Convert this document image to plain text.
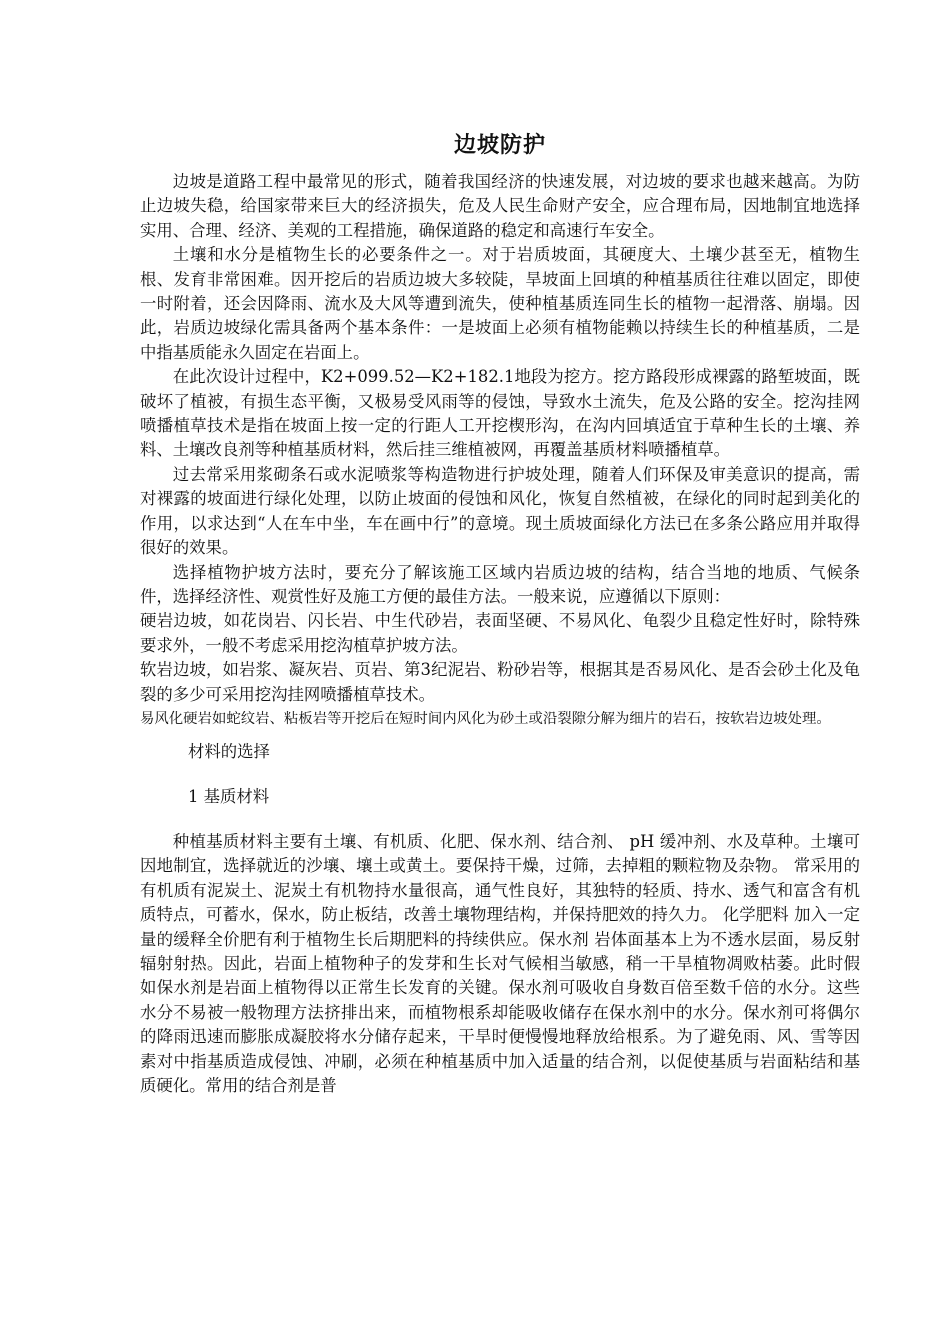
边坡防护

边坡是道路工程中最常见的形式，随着我国经济的快速发展，对边坡的要求也越来越高。为防止边坡失稳，给国家带来巨大的经济损失，危及人民生命财产安全，应合理布局，因地制宜地选择实用、合理、经济、美观的工程措施，确保道路的稳定和高速行车安全。

土壤和水分是植物生长的必要条件之一。对于岩质坡面，其硬度大、土壤少甚至无，植物生根、发育非常困难。因开挖后的岩质边坡大多较陡，旱坡面上回填的种植基质往往难以固定，即使一时附着，还会因降雨、流水及大风等遭到流失，使种植基质连同生长的植物一起滑落、崩塌。因此，岩质边坡绿化需具备两个基本条件：一是坡面上必须有植物能赖以持续生长的种植基质，二是中指基质能永久固定在岩面上。

在此次设计过程中，K2+099.52—K2+182.1地段为挖方。挖方路段形成裸露的路堑坡面，既破坏了植被，有损生态平衡，又极易受风雨等的侵蚀，导致水土流失，危及公路的安全。挖沟挂网喷播植草技术是指在坡面上按一定的行距人工开挖楔形沟，在沟内回填适宜于草种生长的土壤、养料、土壤改良剂等种植基质材料，然后挂三维植被网，再覆盖基质材料喷播植草。

过去常采用浆砌条石或水泥喷浆等构造物进行护坡处理，随着人们环保及审美意识的提高，需对裸露的坡面进行绿化处理，以防止坡面的侵蚀和风化，恢复自然植被，在绿化的同时起到美化的作用，以求达到“人在车中坐，车在画中行”的意境。现土质坡面绿化方法已在多条公路应用并取得很好的效果。

选择植物护坡方法时，要充分了解该施工区域内岩质边坡的结构，结合当地的地质、气候条件，选择经济性、观赏性好及施工方便的最佳方法。一般来说，应遵循以下原则：

硬岩边坡，如花岗岩、闪长岩、中生代砂岩，表面坚硬、不易风化、龟裂少且稳定性好时，除特殊要求外，一般不考虑采用挖沟植草护坡方法。

软岩边坡，如岩浆、凝灰岩、页岩、第3纪泥岩、粉砂岩等，根据其是否易风化、是否会砂土化及龟裂的多少可采用挖沟挂网喷播植草技术。

易风化硬岩如蛇纹岩、粘板岩等开挖后在短时间内风化为砂土或沿裂隙分解为细片的岩石，按软岩边坡处理。

材料的选择

1 基质材料

种植基质材料主要有土壤、有机质、化肥、保水剂、结合剂、 pH 缓冲剂、水及草种。土壤可因地制宜，选择就近的沙壤、壤土或黄土。要保持干燥，过筛，去掉粗的颗粒物及杂物。 常采用的有机质有泥炭土、泥炭土有机物持水量很高，通气性良好，其独特的轻质、持水、透气和富含有机质特点，可蓄水，保水，防止板结，改善土壤物理结构，并保持肥效的持久力。 化学肥料 加入一定量的缓释全价肥有利于植物生长后期肥料的持续供应。保水剂 岩体面基本上为不透水层面，易反射辐射射热。因此，岩面上植物种子的发芽和生长对气候相当敏感，稍一干旱植物凋败枯萎。此时假如保水剂是岩面上植物得以正常生长发育的关键。保水剂可吸收自身数百倍至数千倍的水分。这些水分不易被一般物理方法挤排出来，而植物根系却能吸收储存在保水剂中的水分。保水剂可将偶尔的降雨迅速而膨胀成凝胶将水分储存起来，干旱时便慢慢地释放给根系。为了避免雨、风、雪等因素对中指基质造成侵蚀、冲刷，必须在种植基质中加入适量的结合剂，以促使基质与岩面粘结和基质硬化。常用的结合剂是普
